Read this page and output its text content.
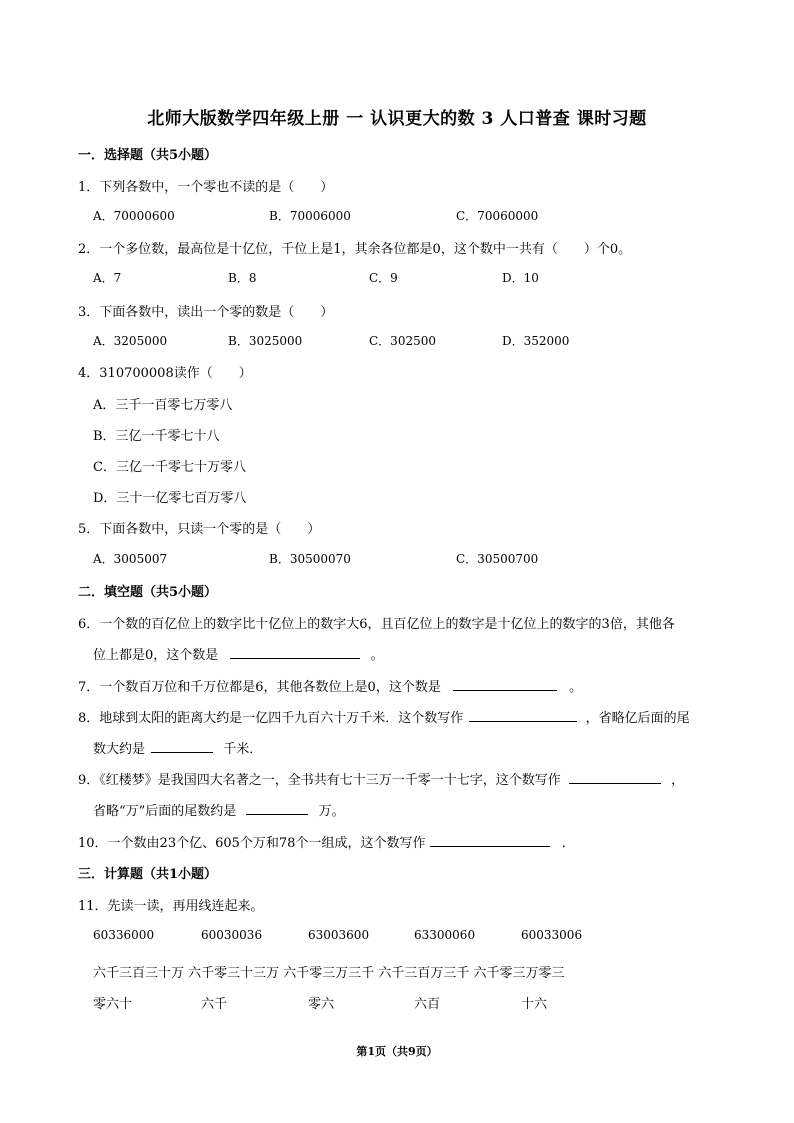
北师大版数学四年级上册 一 认识更大的数 3 人口普查 课时习题
一．选择题（共5小题）
1．下列各数中，一个零也不读的是（　　）
A．70000600	B．70006000	C．70060000
2．一个多位数，最高位是十亿位，千位上是1，其余各位都是0，这个数中一共有（　　）个0。
A．7	B．8	C．9	D．10
3．下面各数中，读出一个零的数是（　　）
A．3205000	B．3025000	C．302500	D．352000
4．310700008读作（　　）
A．三千一百零七万零八
B．三亿一千零七十八
C．三亿一千零七十万零八
D．三十一亿零七百万零八
5．下面各数中，只读一个零的是（　　）
A．3005007	B．30500070	C．30500700
二．填空题（共5小题）
6．一个数的百亿位上的数字比十亿位上的数字大6，且百亿位上的数字是十亿位上的数字的3倍，其他各
位上都是0，这个数是	。
7．一个数百万位和千万位都是6，其他各数位上是0，这个数是	。
8．地球到太阳的距离大约是一亿四千九百六十万千米．这个数写作	，省略亿后面的尾
数大约是	千米．
9．《红楼梦》是我国四大名著之一，全书共有七十三万一千零一十七字，这个数写作	，
省略“万”后面的尾数约是	万。
10．一个数由23个亿、605个万和78个一组成，这个数写作	．
三．计算题（共1小题）
11．先读一读，再用线连起来。
60336000	60030036	63003600	63300060	60033006
六千三百三十万 六千零三十三万 六千零三万三千 六千三百万三千 六千零三万零三
零六十	六千	零六	六百	十六
第1页（共9页）
